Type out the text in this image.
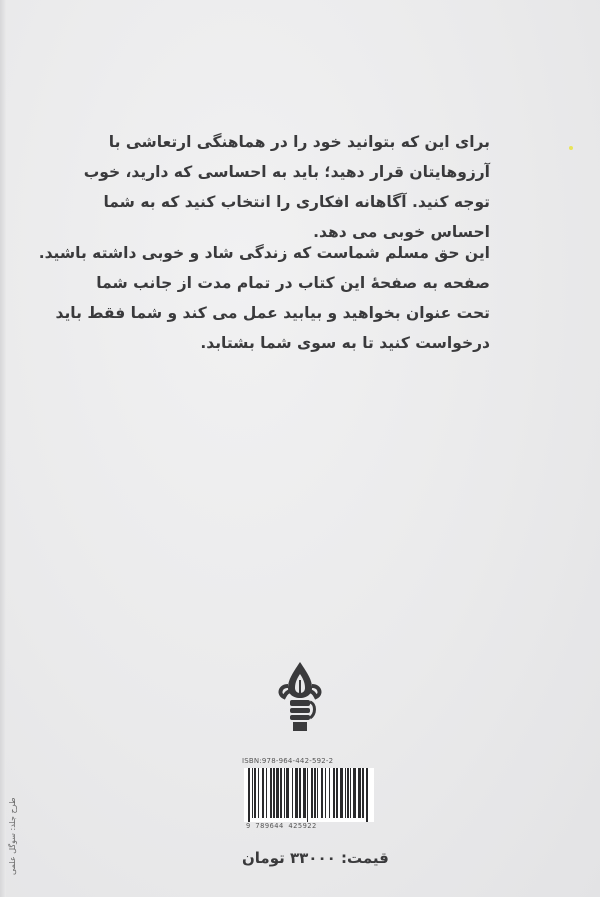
برای این که بتوانید خود را در هماهنگی ارتعاشی با
آرزوهایتان قرار دهید؛ باید به احساسی که دارید، خوب
توجه کنید. آگاهانه افکاری را انتخاب کنید که به شما
احساس خوبی می دهد.
این حق مسلم شماست که زندگی شاد و خوبی داشته باشید.
صفحه به صفحهٔ این کتاب در تمام مدت از جانب شما
تحت عنوان بخواهید و بیابید عمل می کند و شما فقط باید
درخواست کنید تا به سوی شما بشتابد.
ISBN:978-964-442-592-2
9 789644 425922
قیمت: ۳۳۰۰۰ تومان
طرح جلد: سوگل علمی
